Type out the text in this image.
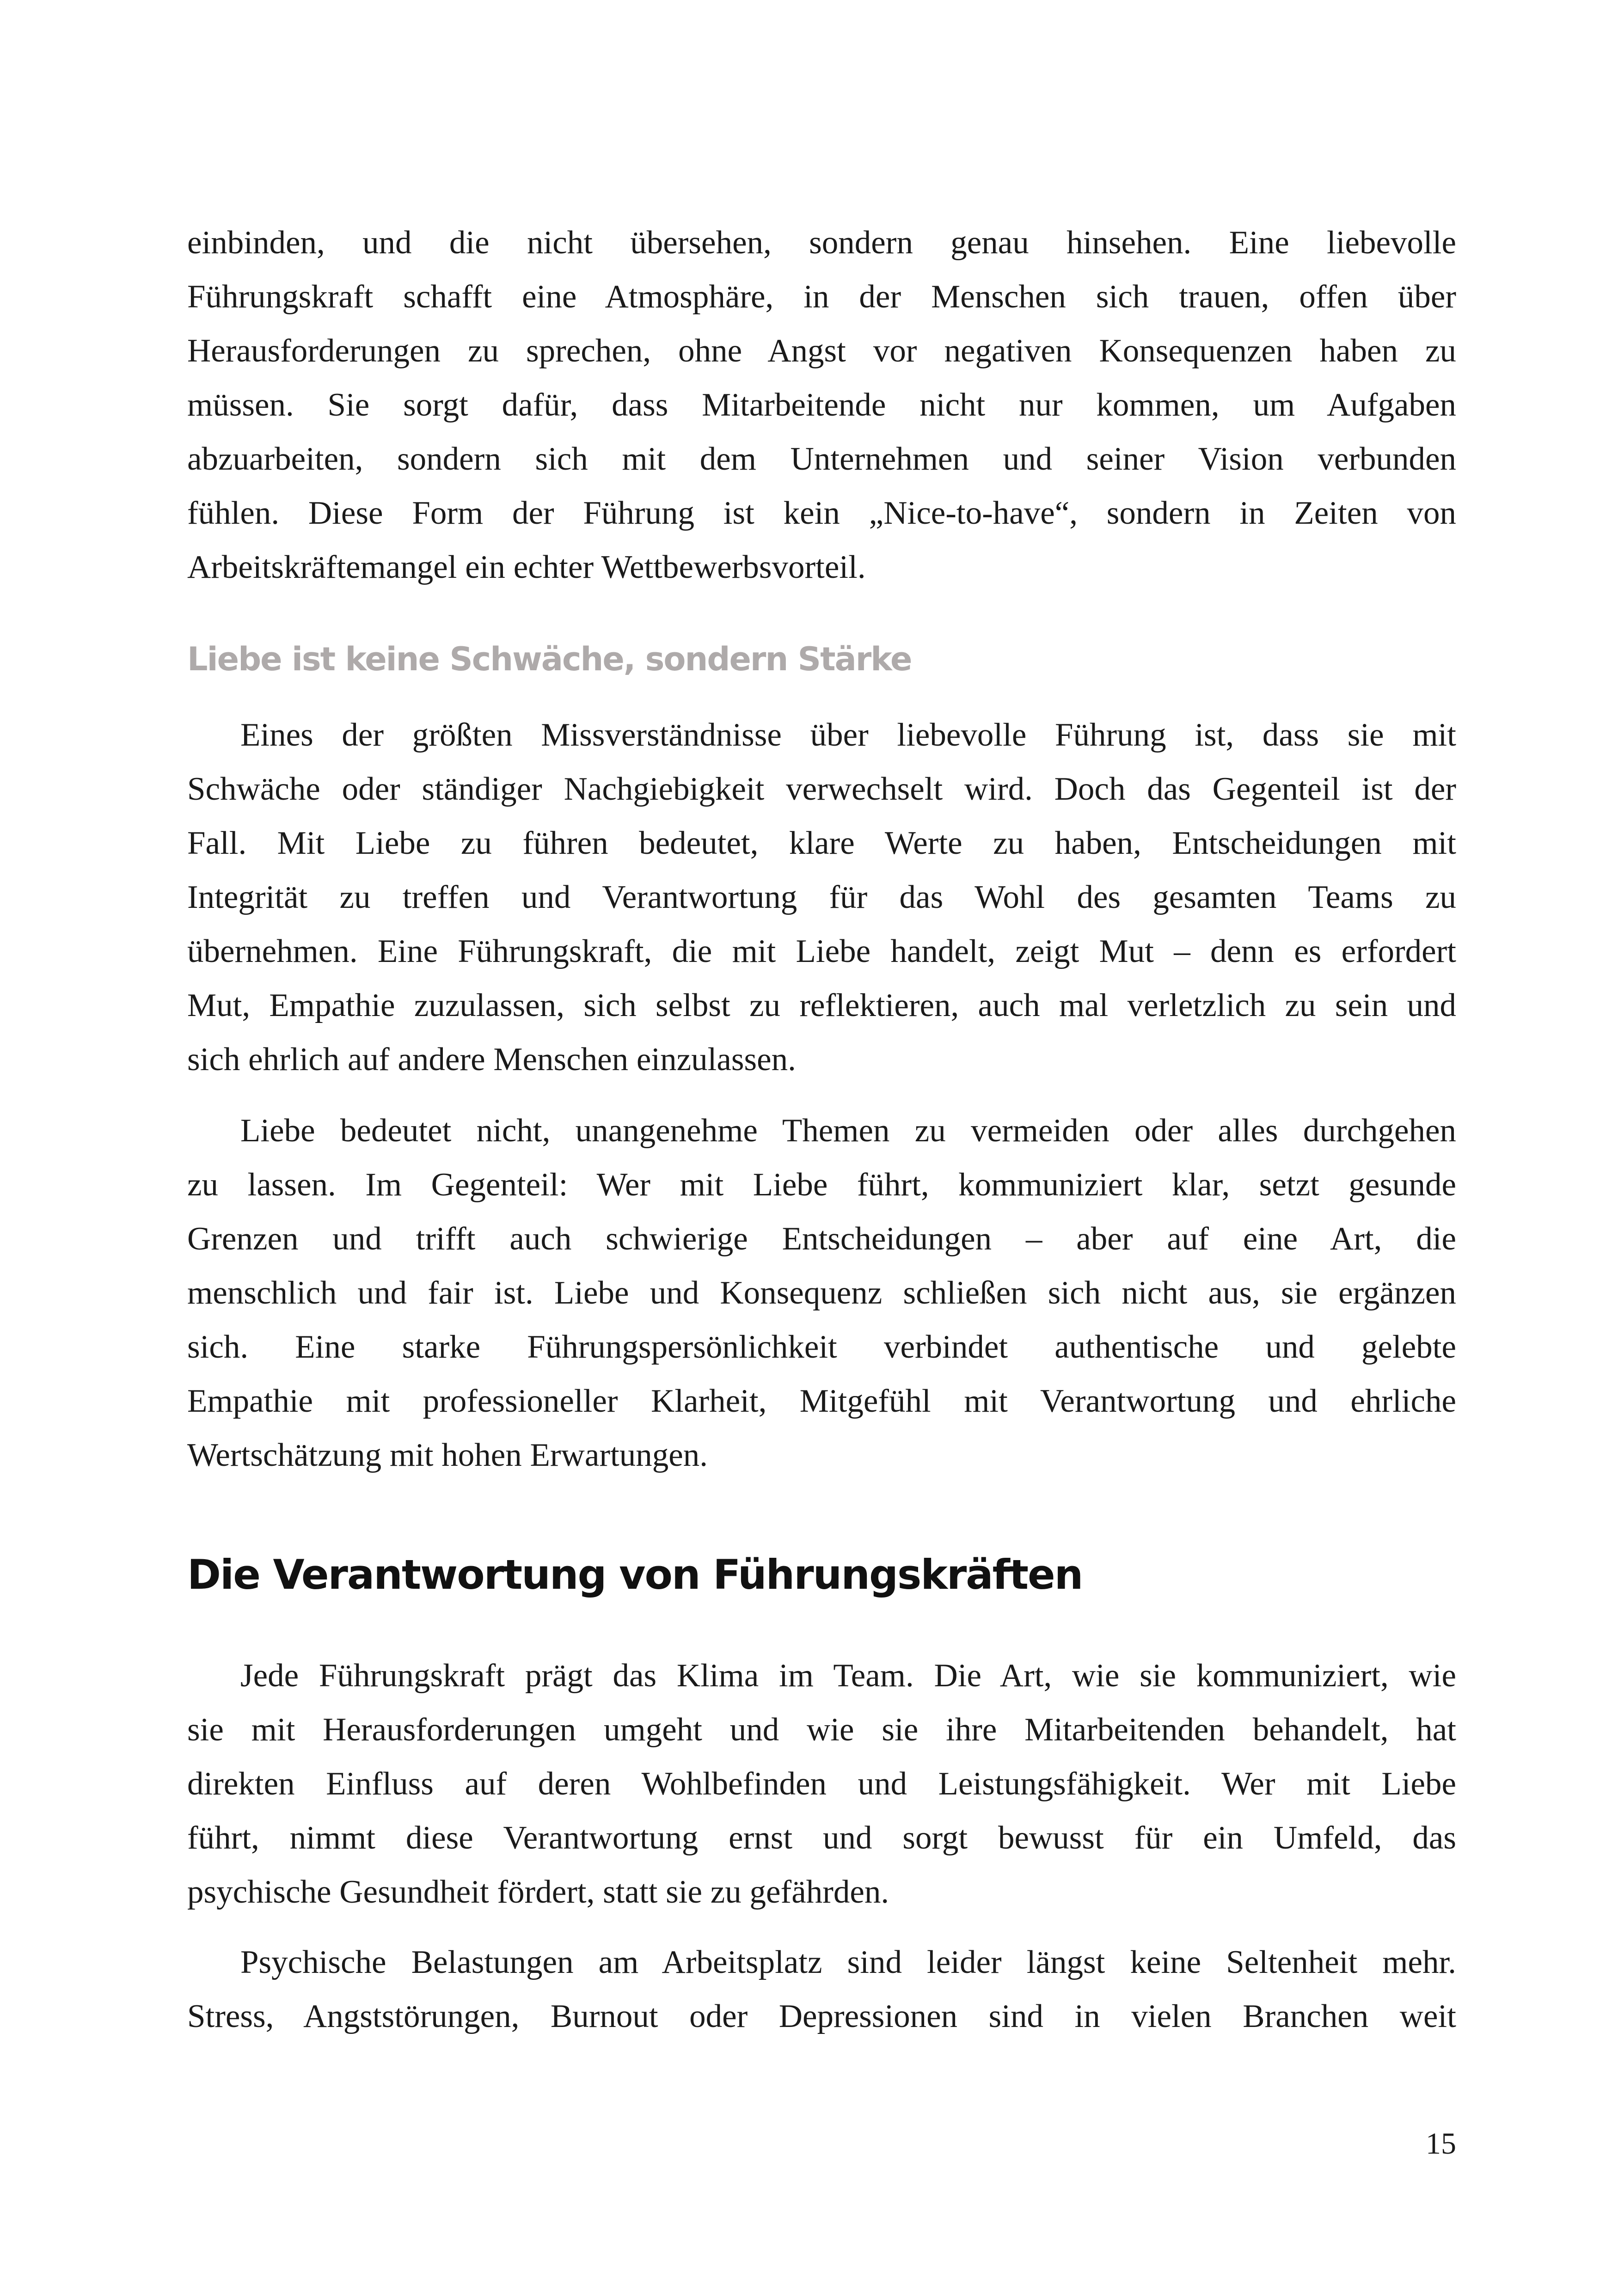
einbinden, und die nicht übersehen, sondern genau hinsehen. Eine liebevolle
Führungskraft schafft eine Atmosphäre, in der Menschen sich trauen, offen über
Herausforderungen zu sprechen, ohne Angst vor negativen Konsequenzen haben zu
müssen. Sie sorgt dafür, dass Mitarbeitende nicht nur kommen, um Aufgaben
abzuarbeiten, sondern sich mit dem Unternehmen und seiner Vision verbunden
fühlen. Diese Form der Führung ist kein „Nice-to-have“, sondern in Zeiten von
Arbeitskräftemangel ein echter Wettbewerbsvorteil.
Liebe ist keine Schwäche, sondern Stärke
Eines der größten Missverständnisse über liebevolle Führung ist, dass sie mit
Schwäche oder ständiger Nachgiebigkeit verwechselt wird. Doch das Gegenteil ist der
Fall. Mit Liebe zu führen bedeutet, klare Werte zu haben, Entscheidungen mit
Integrität zu treffen und Verantwortung für das Wohl des gesamten Teams zu
übernehmen. Eine Führungskraft, die mit Liebe handelt, zeigt Mut – denn es erfordert
Mut, Empathie zuzulassen, sich selbst zu reflektieren, auch mal verletzlich zu sein und
sich ehrlich auf andere Menschen einzulassen.
Liebe bedeutet nicht, unangenehme Themen zu vermeiden oder alles durchgehen
zu lassen. Im Gegenteil: Wer mit Liebe führt, kommuniziert klar, setzt gesunde
Grenzen und trifft auch schwierige Entscheidungen – aber auf eine Art, die
menschlich und fair ist. Liebe und Konsequenz schließen sich nicht aus, sie ergänzen
sich. Eine starke Führungspersönlichkeit verbindet authentische und gelebte
Empathie mit professioneller Klarheit, Mitgefühl mit Verantwortung und ehrliche
Wertschätzung mit hohen Erwartungen.
Die Verantwortung von Führungskräften
Jede Führungskraft prägt das Klima im Team. Die Art, wie sie kommuniziert, wie
sie mit Herausforderungen umgeht und wie sie ihre Mitarbeitenden behandelt, hat
direkten Einfluss auf deren Wohlbefinden und Leistungsfähigkeit. Wer mit Liebe
führt, nimmt diese Verantwortung ernst und sorgt bewusst für ein Umfeld, das
psychische Gesundheit fördert, statt sie zu gefährden.
Psychische Belastungen am Arbeitsplatz sind leider längst keine Seltenheit mehr.
Stress, Angststörungen, Burnout oder Depressionen sind in vielen Branchen weit
15
